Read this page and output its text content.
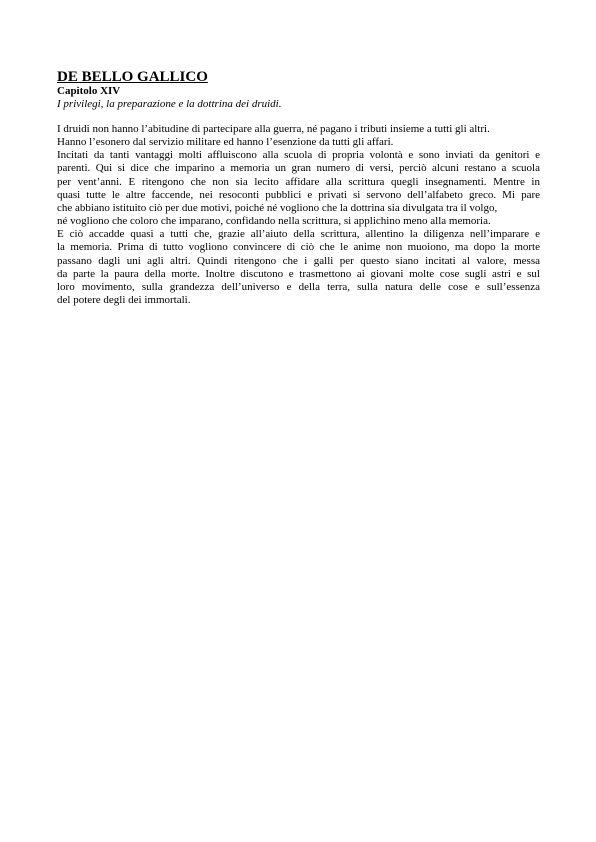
DE BELLO GALLICO

Capitolo XIV

I privilegi, la preparazione e la dottrina dei druidi.

I druidi non hanno l’abitudine di partecipare alla guerra, né pagano i tributi insieme a tutti gli altri.

Hanno l’esonero dal servizio militare ed hanno l’esenzione da tutti gli affari.

Incitati da tanti vantaggi molti affluiscono alla scuola di propria volontà e sono inviati da genitori e

parenti. Qui si dice che imparino a memoria un gran numero di versi, perciò alcuni restano a scuola

per vent’anni. E ritengono che non sia lecito affidare alla scrittura quegli insegnamenti. Mentre in

quasi tutte le altre faccende, nei resoconti pubblici e privati si servono dell’alfabeto greco. Mi pare

che abbiano istituito ciò per due motivi, poiché né vogliono che la dottrina sia divulgata tra il volgo,

né vogliono che coloro che imparano, confidando nella scrittura, si applichino meno alla memoria.

E ciò accadde quasi a tutti che, grazie all’aiuto della scrittura, allentino la diligenza nell’imparare e

la memoria. Prima di tutto vogliono convincere di ciò che le anime non muoiono, ma dopo la morte

passano dagli uni agli altri. Quindi ritengono che i galli per questo siano incitati al valore, messa

da parte la paura della morte. Inoltre discutono e trasmettono ai giovani molte cose sugli astri e sul

loro movimento, sulla grandezza dell’universo e della terra, sulla natura delle cose e sull’essenza

del potere degli dei immortali.
